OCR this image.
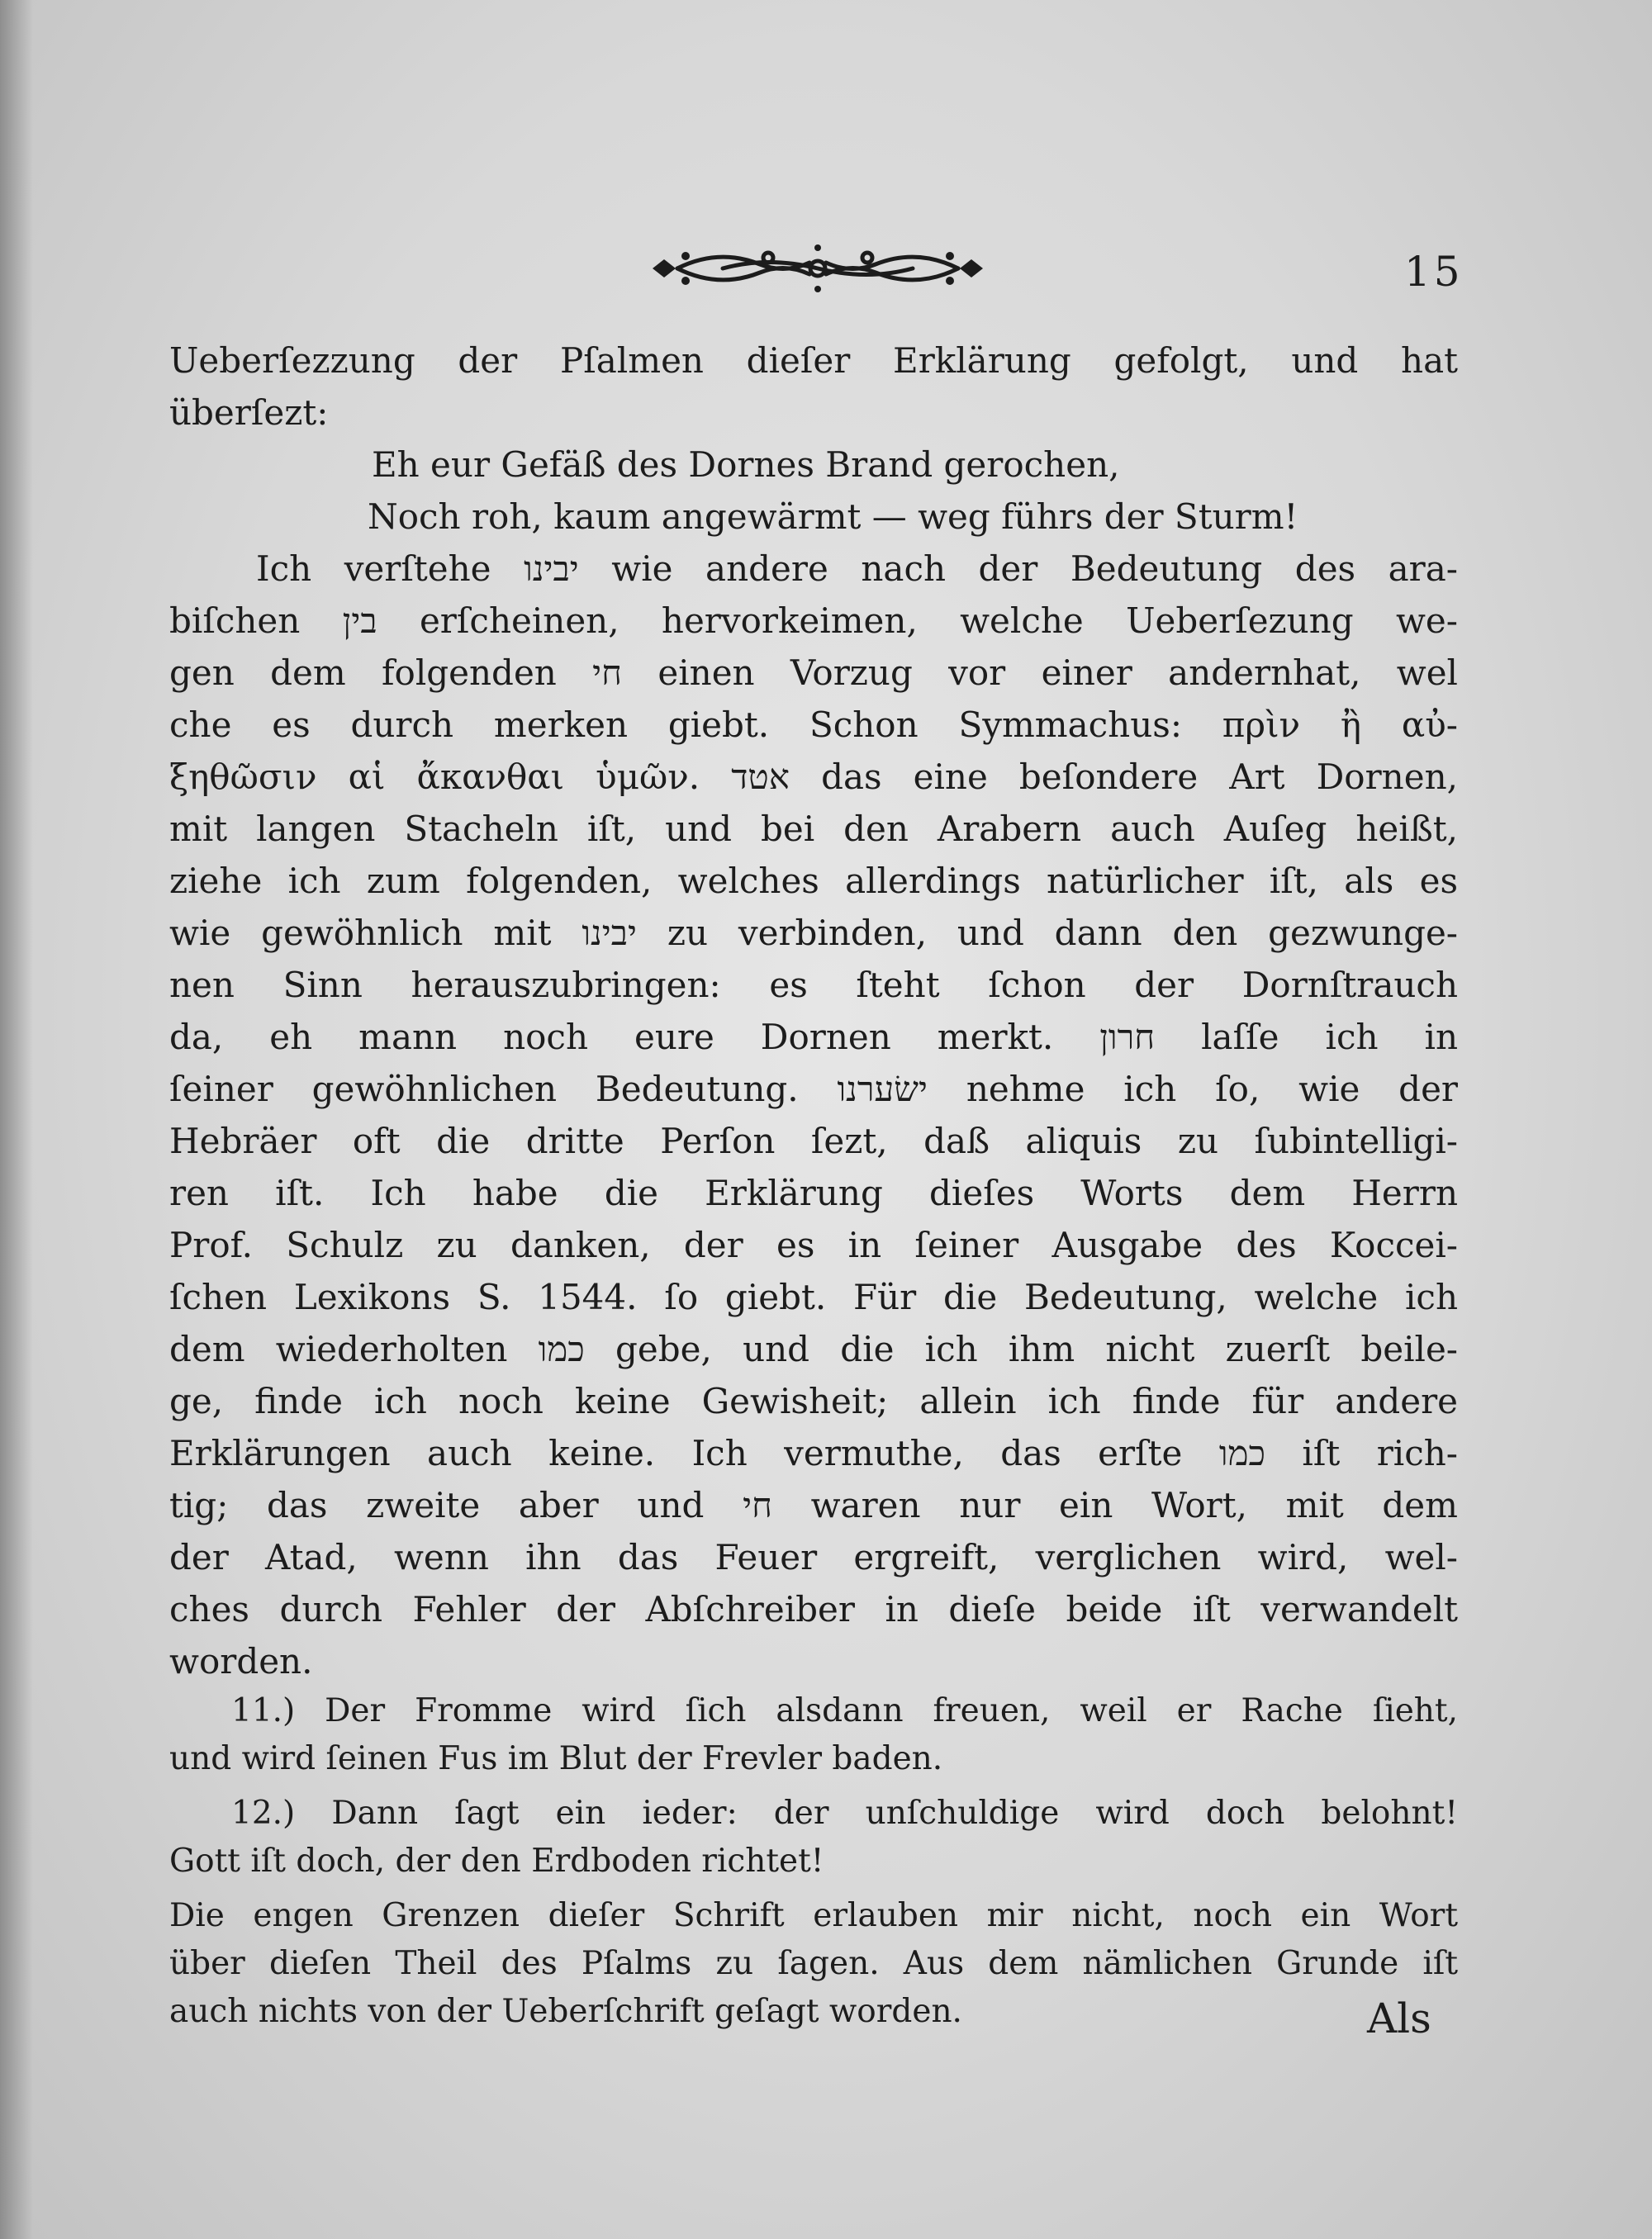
15
Ueberſezzung der Pſalmen dieſer Erklärung gefolgt, und hat
überſezt:
Eh eur Gefäß des Dornes Brand gerochen,
Noch roh, kaum angewärmt — weg führs der Sturm!
Ich verſtehe יבינו wie andere nach der Bedeutung des ara-
biſchen בין erſcheinen, hervorkeimen, welche Ueberſezung we-
gen dem folgenden חי einen Vorzug vor einer andernhat, wel
che es durch merken giebt. Schon Symmachus: πρὶν ἢ αὐ-
ξηθῶσιν αἱ ἄκανθαι ὑμῶν. אטד das eine beſondere Art Dornen,
mit langen Stacheln iſt, und bei den Arabern auch Auſeg heißt,
ziehe ich zum folgenden, welches allerdings natürlicher iſt, als es
wie gewöhnlich mit יבינו zu verbinden, und dann den gezwunge-
nen Sinn herauszubringen: es ſteht ſchon der Dornſtrauch
da, eh mann noch eure Dornen merkt. חרון laſſe ich in
ſeiner gewöhnlichen Bedeutung. ישׂערנו nehme ich ſo, wie der
Hebräer oft die dritte Perſon ſezt, daß aliquis zu ſubintelligi-
ren iſt. Ich habe die Erklärung dieſes Worts dem Herrn
Prof. Schulz zu danken, der es in ſeiner Ausgabe des Koccei-
ſchen Lexikons S. 1544. ſo giebt. Für die Bedeutung, welche ich
dem wiederholten כמו gebe, und die ich ihm nicht zuerſt beile-
ge, finde ich noch keine Gewisheit; allein ich finde für andere
Erklärungen auch keine. Ich vermuthe, das erſte כמו iſt rich-
tig; das zweite aber und חי waren nur ein Wort, mit dem
der Atad, wenn ihn das Feuer ergreift, verglichen wird, wel-
ches durch Fehler der Abſchreiber in dieſe beide iſt verwandelt
worden.
11.) Der Fromme wird ſich alsdann freuen, weil er Rache ſieht,
und wird ſeinen Fus im Blut der Frevler baden.
12.) Dann ſagt ein ieder: der unſchuldige wird doch belohnt!
Gott iſt doch, der den Erdboden richtet!
Die engen Grenzen dieſer Schrift erlauben mir nicht, noch ein Wort
über dieſen Theil des Pſalms zu ſagen. Aus dem nämlichen Grunde iſt
auch nichts von der Ueberſchrift geſagt worden.	Als
